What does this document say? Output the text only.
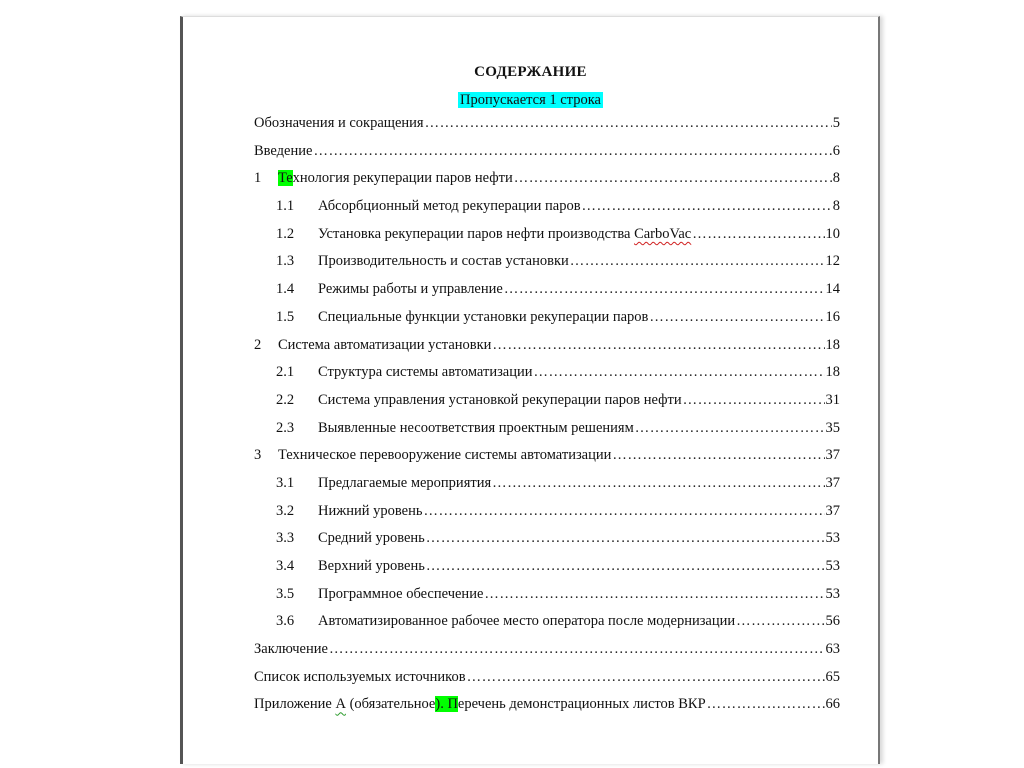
СОДЕРЖАНИЕ
Пропускается 1 строка
Обозначения и сокращения ……………………………………………………………………………………………………………………………………………………	5
Введение ……………………………………………………………………………………………………………………………………………………	6
1	Технология рекуперации паров нефти ……………………………………………………………………………………………………………………………………………………	8
1.1	Абсорбционный метод рекуперации паров ……………………………………………………………………………………………………………………………………………………	8
1.2	Установка рекуперации паров нефти производства CarboVac ……………………………………………………………………………………………………………………………………………………	10
1.3	Производительность и состав установки ……………………………………………………………………………………………………………………………………………………	12
1.4	Режимы работы и управление ……………………………………………………………………………………………………………………………………………………	14
1.5	Специальные функции установки рекуперации паров ……………………………………………………………………………………………………………………………………………………	16
2	Система автоматизации установки ……………………………………………………………………………………………………………………………………………………	18
2.1	Структура системы автоматизации ……………………………………………………………………………………………………………………………………………………	18
2.2	Система управления установкой рекуперации паров нефти ……………………………………………………………………………………………………………………………………………………	31
2.3	Выявленные несоответствия проектным решениям ……………………………………………………………………………………………………………………………………………………	35
3	Техническое перевооружение системы автоматизации ……………………………………………………………………………………………………………………………………………………	37
3.1	Предлагаемые мероприятия ……………………………………………………………………………………………………………………………………………………	37
3.2	Нижний уровень ……………………………………………………………………………………………………………………………………………………	37
3.3	Средний уровень ……………………………………………………………………………………………………………………………………………………	53
3.4	Верхний уровень ……………………………………………………………………………………………………………………………………………………	53
3.5	Программное обеспечение ……………………………………………………………………………………………………………………………………………………	53
3.6	Автоматизированное рабочее место оператора после модернизации ……………………………………………………………………………………………………………………………………………………	56
Заключение ……………………………………………………………………………………………………………………………………………………	63
Список используемых источников ……………………………………………………………………………………………………………………………………………………	65
Приложение А (обязательное). Перечень демонстрационных листов ВКР ……………………………………………………………………………………………………………………………………………………	66
